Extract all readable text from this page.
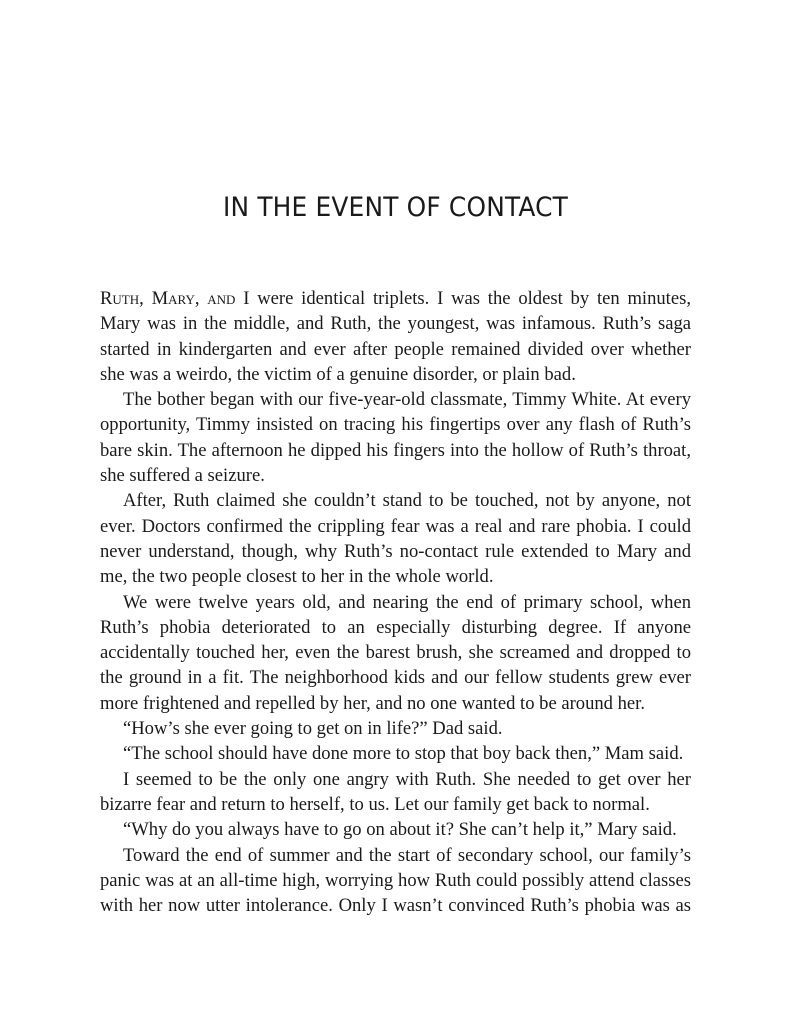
IN THE EVENT OF CONTACT

Ruth, Mary, and I were identical triplets. I was the oldest by ten minutes, Mary was in the middle, and Ruth, the youngest, was infamous. Ruth’s saga started in kindergarten and ever after people remained divided over whether she was a weirdo, the victim of a genuine disorder, or plain bad.

The bother began with our five-year-old classmate, Timmy White. At every opportunity, Timmy insisted on tracing his fingertips over any flash of Ruth’s bare skin. The afternoon he dipped his fingers into the hollow of Ruth’s throat, she suffered a seizure.

After, Ruth claimed she couldn’t stand to be touched, not by anyone, not ever. Doctors confirmed the crippling fear was a real and rare phobia. I could never understand, though, why Ruth’s no-contact rule extended to Mary and me, the two people closest to her in the whole world.

We were twelve years old, and nearing the end of primary school, when Ruth’s phobia deteriorated to an especially disturbing degree. If anyone accidentally touched her, even the barest brush, she screamed and dropped to the ground in a fit. The neighborhood kids and our fellow students grew ever more frightened and repelled by her, and no one wanted to be around her.

“How’s she ever going to get on in life?” Dad said.

“The school should have done more to stop that boy back then,” Mam said.

I seemed to be the only one angry with Ruth. She needed to get over her bizarre fear and return to herself, to us. Let our family get back to normal.

“Why do you always have to go on about it? She can’t help it,” Mary said.

Toward the end of summer and the start of secondary school, our family’s panic was at an all-time high, worrying how Ruth could possibly attend classes with her now utter intolerance. Only I wasn’t convinced Ruth’s phobia was as
